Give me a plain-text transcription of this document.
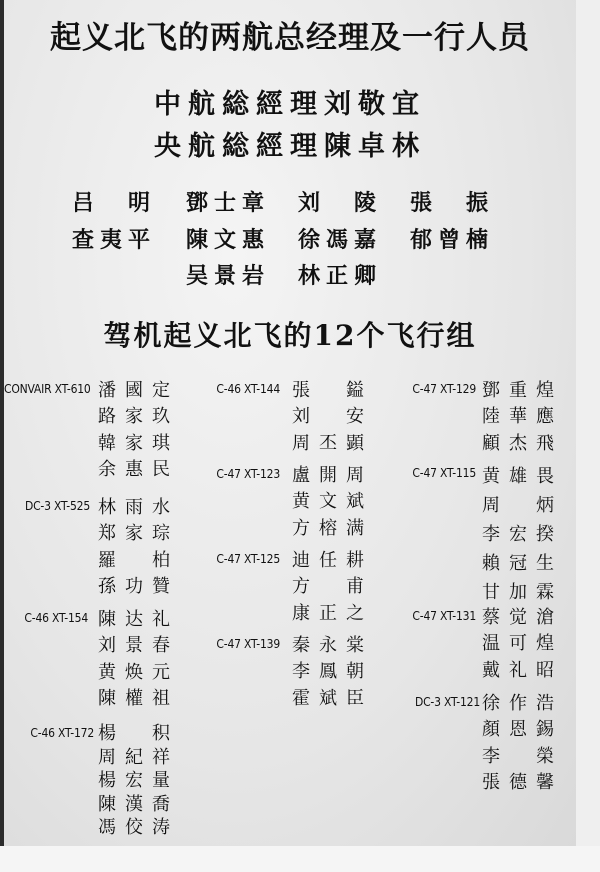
起义北飞的两航总经理及一行人员
中航総經理刘敬宜
央航総經理陳卓林
吕　明 鄧士章 刘　陵 張　振
查夷平 陳文惠 徐馮嘉 郁曾楠
吴景岩 林正卿
驾机起义北飞的12个飞行组
CONVAIR XT-610 潘國定
路家玖
韓家琪
余惠民
DC-3 XT-525 林雨水
郑家琮
羅　柏
孫功贊
C-46 XT-154 陳达礼
刘景春
黄焕元
陳權祖
C-46 XT-172 楊　积
周紀祥
楊宏量
陳漢喬
馮佼涛
C-46 XT-144 張　鎰
刘　安
周丕顕
C-47 XT-123 盧開周
黄文斌
方榕满
C-47 XT-125 迪任耕
方　甫
康正之
C-47 XT-139 秦永棠
李鳳朝
霍斌臣
C-47 XT-129 鄧重煌
陸華應
顧杰飛
C-47 XT-115 黄雄畏
周　炳
李宏揆
賴冠生
甘加霖
C-47 XT-131 蔡觉滄
温可煌
戴礼昭
DC-3 XT-121 徐作浩
顏恩錫
李　榮
張德馨
